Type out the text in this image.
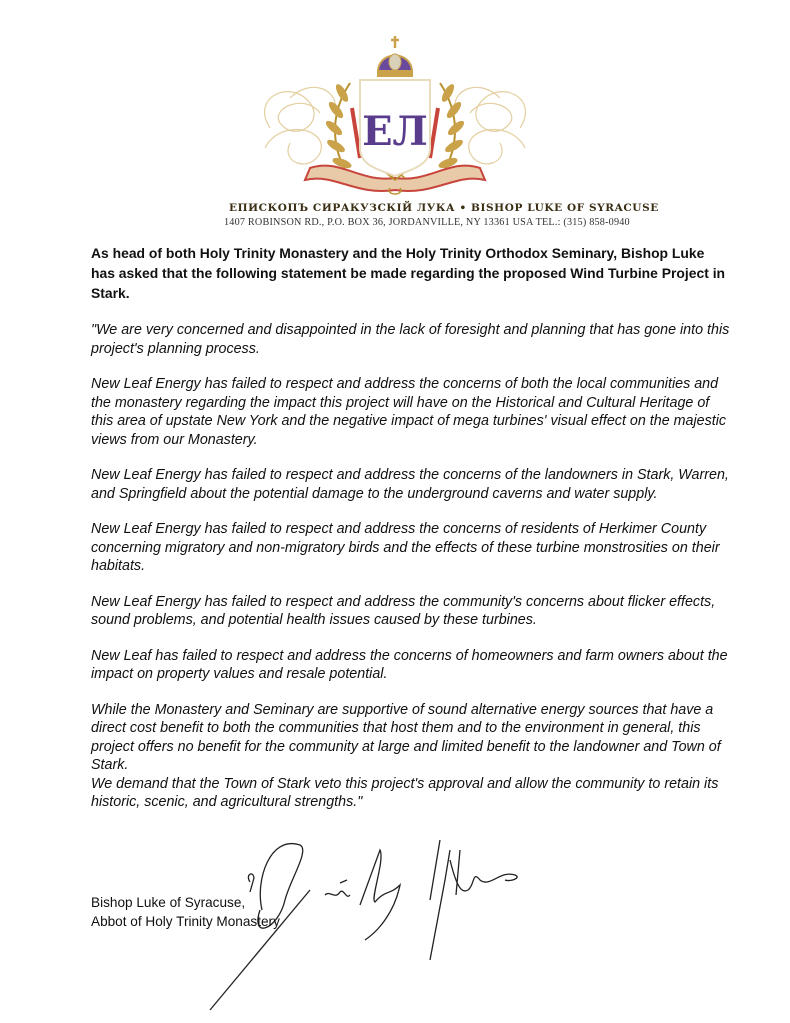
ЕЛ
ЕПИСКОПЪ СИРАКУЗСКІЙ ЛУКА • BISHOP LUKE OF SYRACUSE
1407 ROBINSON RD., P.O. BOX 36, JORDANVILLE, NY 13361 USA TEL.: (315) 858-0940

As head of both Holy Trinity Monastery and the Holy Trinity Orthodox Seminary, Bishop Luke has asked that the following statement be made regarding the proposed Wind Turbine Project in Stark.

"We are very concerned and disappointed in the lack of foresight and planning that has gone into this project's planning process.

New Leaf Energy has failed to respect and address the concerns of both the local communities and the monastery regarding the impact this project will have on the Historical and Cultural Heritage of this area of upstate New York and the negative impact of mega turbines' visual effect on the majestic views from our Monastery.

New Leaf Energy has failed to respect and address the concerns of the landowners in Stark, Warren, and Springfield about the potential damage to the underground caverns and water supply.

New Leaf Energy has failed to respect and address the concerns of residents of Herkimer County concerning migratory and non-migratory birds and the effects of these turbine monstrosities on their habitats.

New Leaf Energy has failed to respect and address the community's concerns about flicker effects, sound problems, and potential health issues caused by these turbines.

New Leaf has failed to respect and address the concerns of homeowners and farm owners about the impact on property values and resale potential.

While the Monastery and Seminary are supportive of sound alternative energy sources that have a direct cost benefit to both the communities that host them and to the environment in general, this project offers no benefit for the community at large and limited benefit to the landowner and Town of Stark.

We demand that the Town of Stark veto this project's approval and allow the community to retain its historic, scenic, and agricultural strengths."

Bishop Luke of Syracuse,
Abbot of Holy Trinity Monastery
